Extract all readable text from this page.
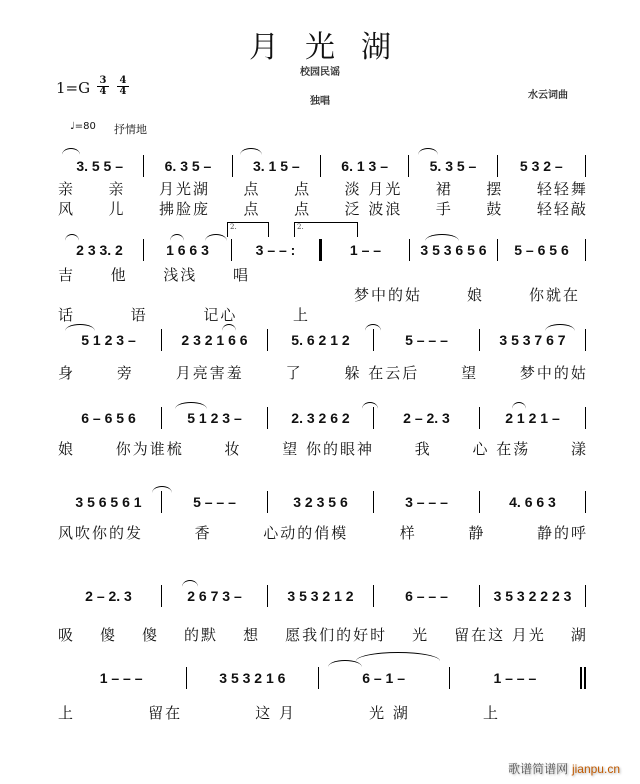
月光湖
校园民谣
独唱
水云词曲
1=G 3
4
4
4
♩=80 抒情地
3. 5 5 –	6. 3 5 –	3. 1 5 –	6. 1 3 –	5. 3 5 –	5 3 2 –
亲 亲 月光湖 点 点 淡 月光 裙 摆 轻轻舞
风 儿 拂脸庞 点 点 泛 波浪 手 鼓 轻轻敲
2.	2.
2 3 3. 2	1 6 6 3	3 – – :	1 – –	3 5 3 6 5 6	5 – 6 5 6
吉 他 浅浅 唱
梦中的姑	娘	你就在
话	语	记心	上
5 1 2 3 –	2 3 2 1 6 6	5. 6 2 1 2	5 – – –	3 5 3 7 6 7
身	旁	月亮害羞	了	躲 在云后	望	梦中的姑
6 – 6 5 6	5 1 2 3 –	2. 3 2 6 2	2 – 2. 3	2 1 2 1 –
娘	你为谁梳	妆	望 你的眼神	我	心 在荡	漾
3 5 6 5 6 1	5 – – –	3 2 3 5 6	3 – – –	4. 6 6 3
风吹你的发	香	心动的俏模	样	静	静的呼
2 – 2. 3	2 6 7 3 –	3 5 3 2 1 2	6 – – –	3 5 3 2 2 2 3
吸 傻 傻 的默 想 愿我们的好时 光 留在这 月光 湖
1 – – –	3 5 3 2 1 6	6 – 1 –	1 – – –
上	留在	这 月	光 湖	上
歌谱简谱网 jianpu.cn
